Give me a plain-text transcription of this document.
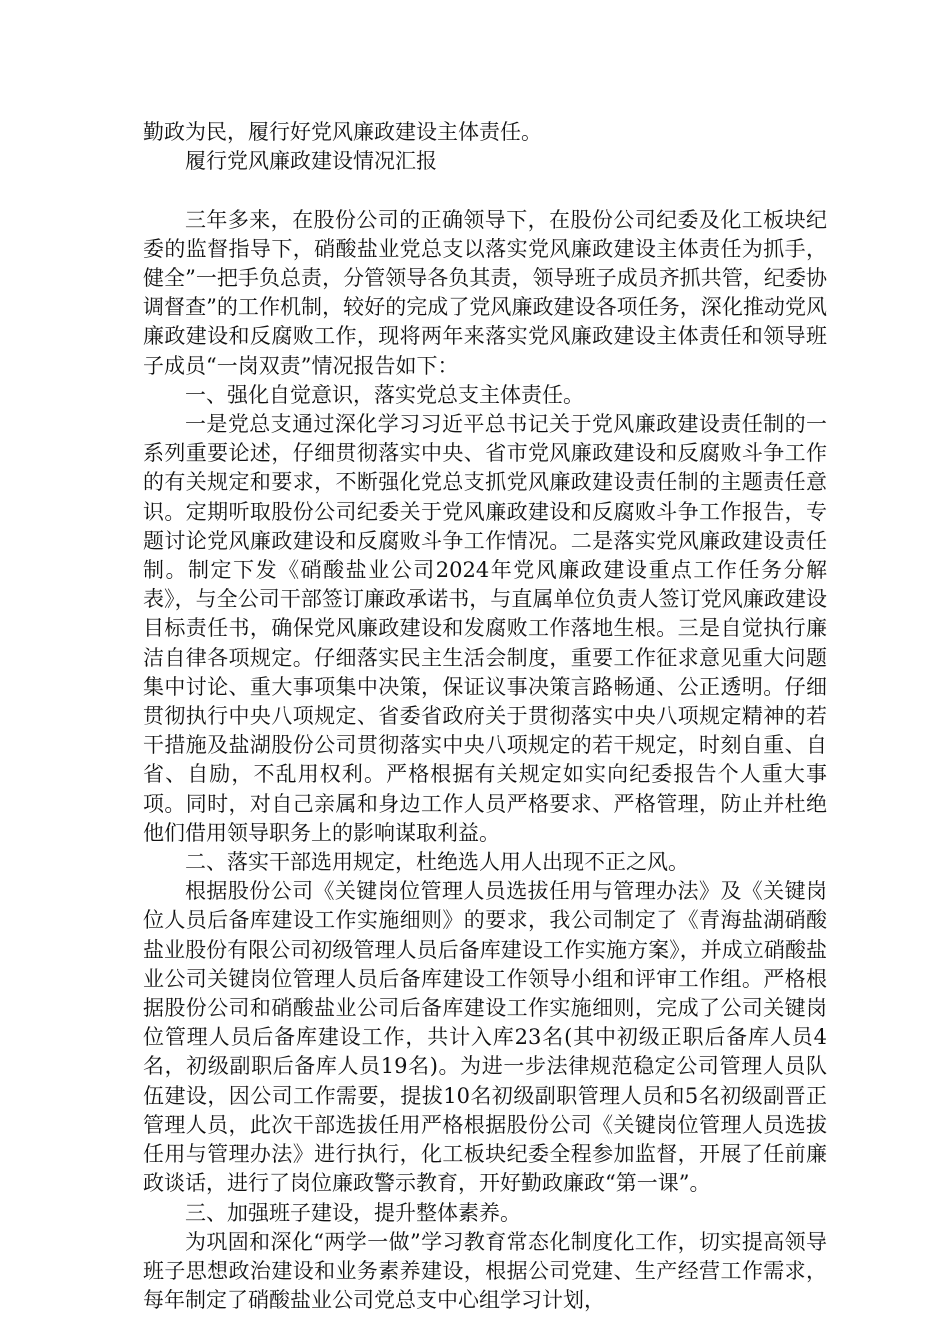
勤政为民，履行好党风廉政建设主体责任。

履行党风廉政建设情况汇报

三年多来，在股份公司的正确领导下，在股份公司纪委及化工板块纪委的监督指导下，硝酸盐业党总支以落实党风廉政建设主体责任为抓手，健全”一把手负总责，分管领导各负其责，领导班子成员齐抓共管，纪委协调督查”的工作机制，较好的完成了党风廉政建设各项任务，深化推动党风廉政建设和反腐败工作，现将两年来落实党风廉政建设主体责任和领导班子成员“一岗双责”情况报告如下：

一、强化自觉意识，落实党总支主体责任。

一是党总支通过深化学习习近平总书记关于党风廉政建设责任制的一系列重要论述，仔细贯彻落实中央、省市党风廉政建设和反腐败斗争工作的有关规定和要求，不断强化党总支抓党风廉政建设责任制的主题责任意识。定期听取股份公司纪委关于党风廉政建设和反腐败斗争工作报告，专题讨论党风廉政建设和反腐败斗争工作情况。二是落实党风廉政建设责任制。制定下发《硝酸盐业公司2024年党风廉政建设重点工作任务分解表》，与全公司干部签订廉政承诺书，与直属单位负责人签订党风廉政建设目标责任书，确保党风廉政建设和发腐败工作落地生根。三是自觉执行廉洁自律各项规定。仔细落实民主生活会制度，重要工作征求意见重大问题集中讨论、重大事项集中决策，保证议事决策言路畅通、公正透明。仔细贯彻执行中央八项规定、省委省政府关于贯彻落实中央八项规定精神的若干措施及盐湖股份公司贯彻落实中央八项规定的若干规定，时刻自重、自省、自励，不乱用权利。严格根据有关规定如实向纪委报告个人重大事项。同时，对自己亲属和身边工作人员严格要求、严格管理，防止并杜绝他们借用领导职务上的影响谋取利益。

二、落实干部选用规定，杜绝选人用人出现不正之风。

根据股份公司《关键岗位管理人员选拔任用与管理办法》及《关键岗位人员后备库建设工作实施细则》的要求，我公司制定了《青海盐湖硝酸盐业股份有限公司初级管理人员后备库建设工作实施方案》，并成立硝酸盐业公司关键岗位管理人员后备库建设工作领导小组和评审工作组。严格根据股份公司和硝酸盐业公司后备库建设工作实施细则，完成了公司关键岗位管理人员后备库建设工作，共计入库23名(其中初级正职后备库人员4名，初级副职后备库人员19名)。为进一步法律规范稳定公司管理人员队伍建设，因公司工作需要，提拔10名初级副职管理人员和5名初级副晋正管理人员，此次干部选拔任用严格根据股份公司《关键岗位管理人员选拔任用与管理办法》进行执行，化工板块纪委全程参加监督，开展了任前廉政谈话，进行了岗位廉政警示教育，开好勤政廉政“第一课”。

三、加强班子建设，提升整体素养。

为巩固和深化“两学一做”学习教育常态化制度化工作，切实提高领导班子思想政治建设和业务素养建设，根据公司党建、生产经营工作需求，每年制定了硝酸盐业公司党总支中心组学习计划，
